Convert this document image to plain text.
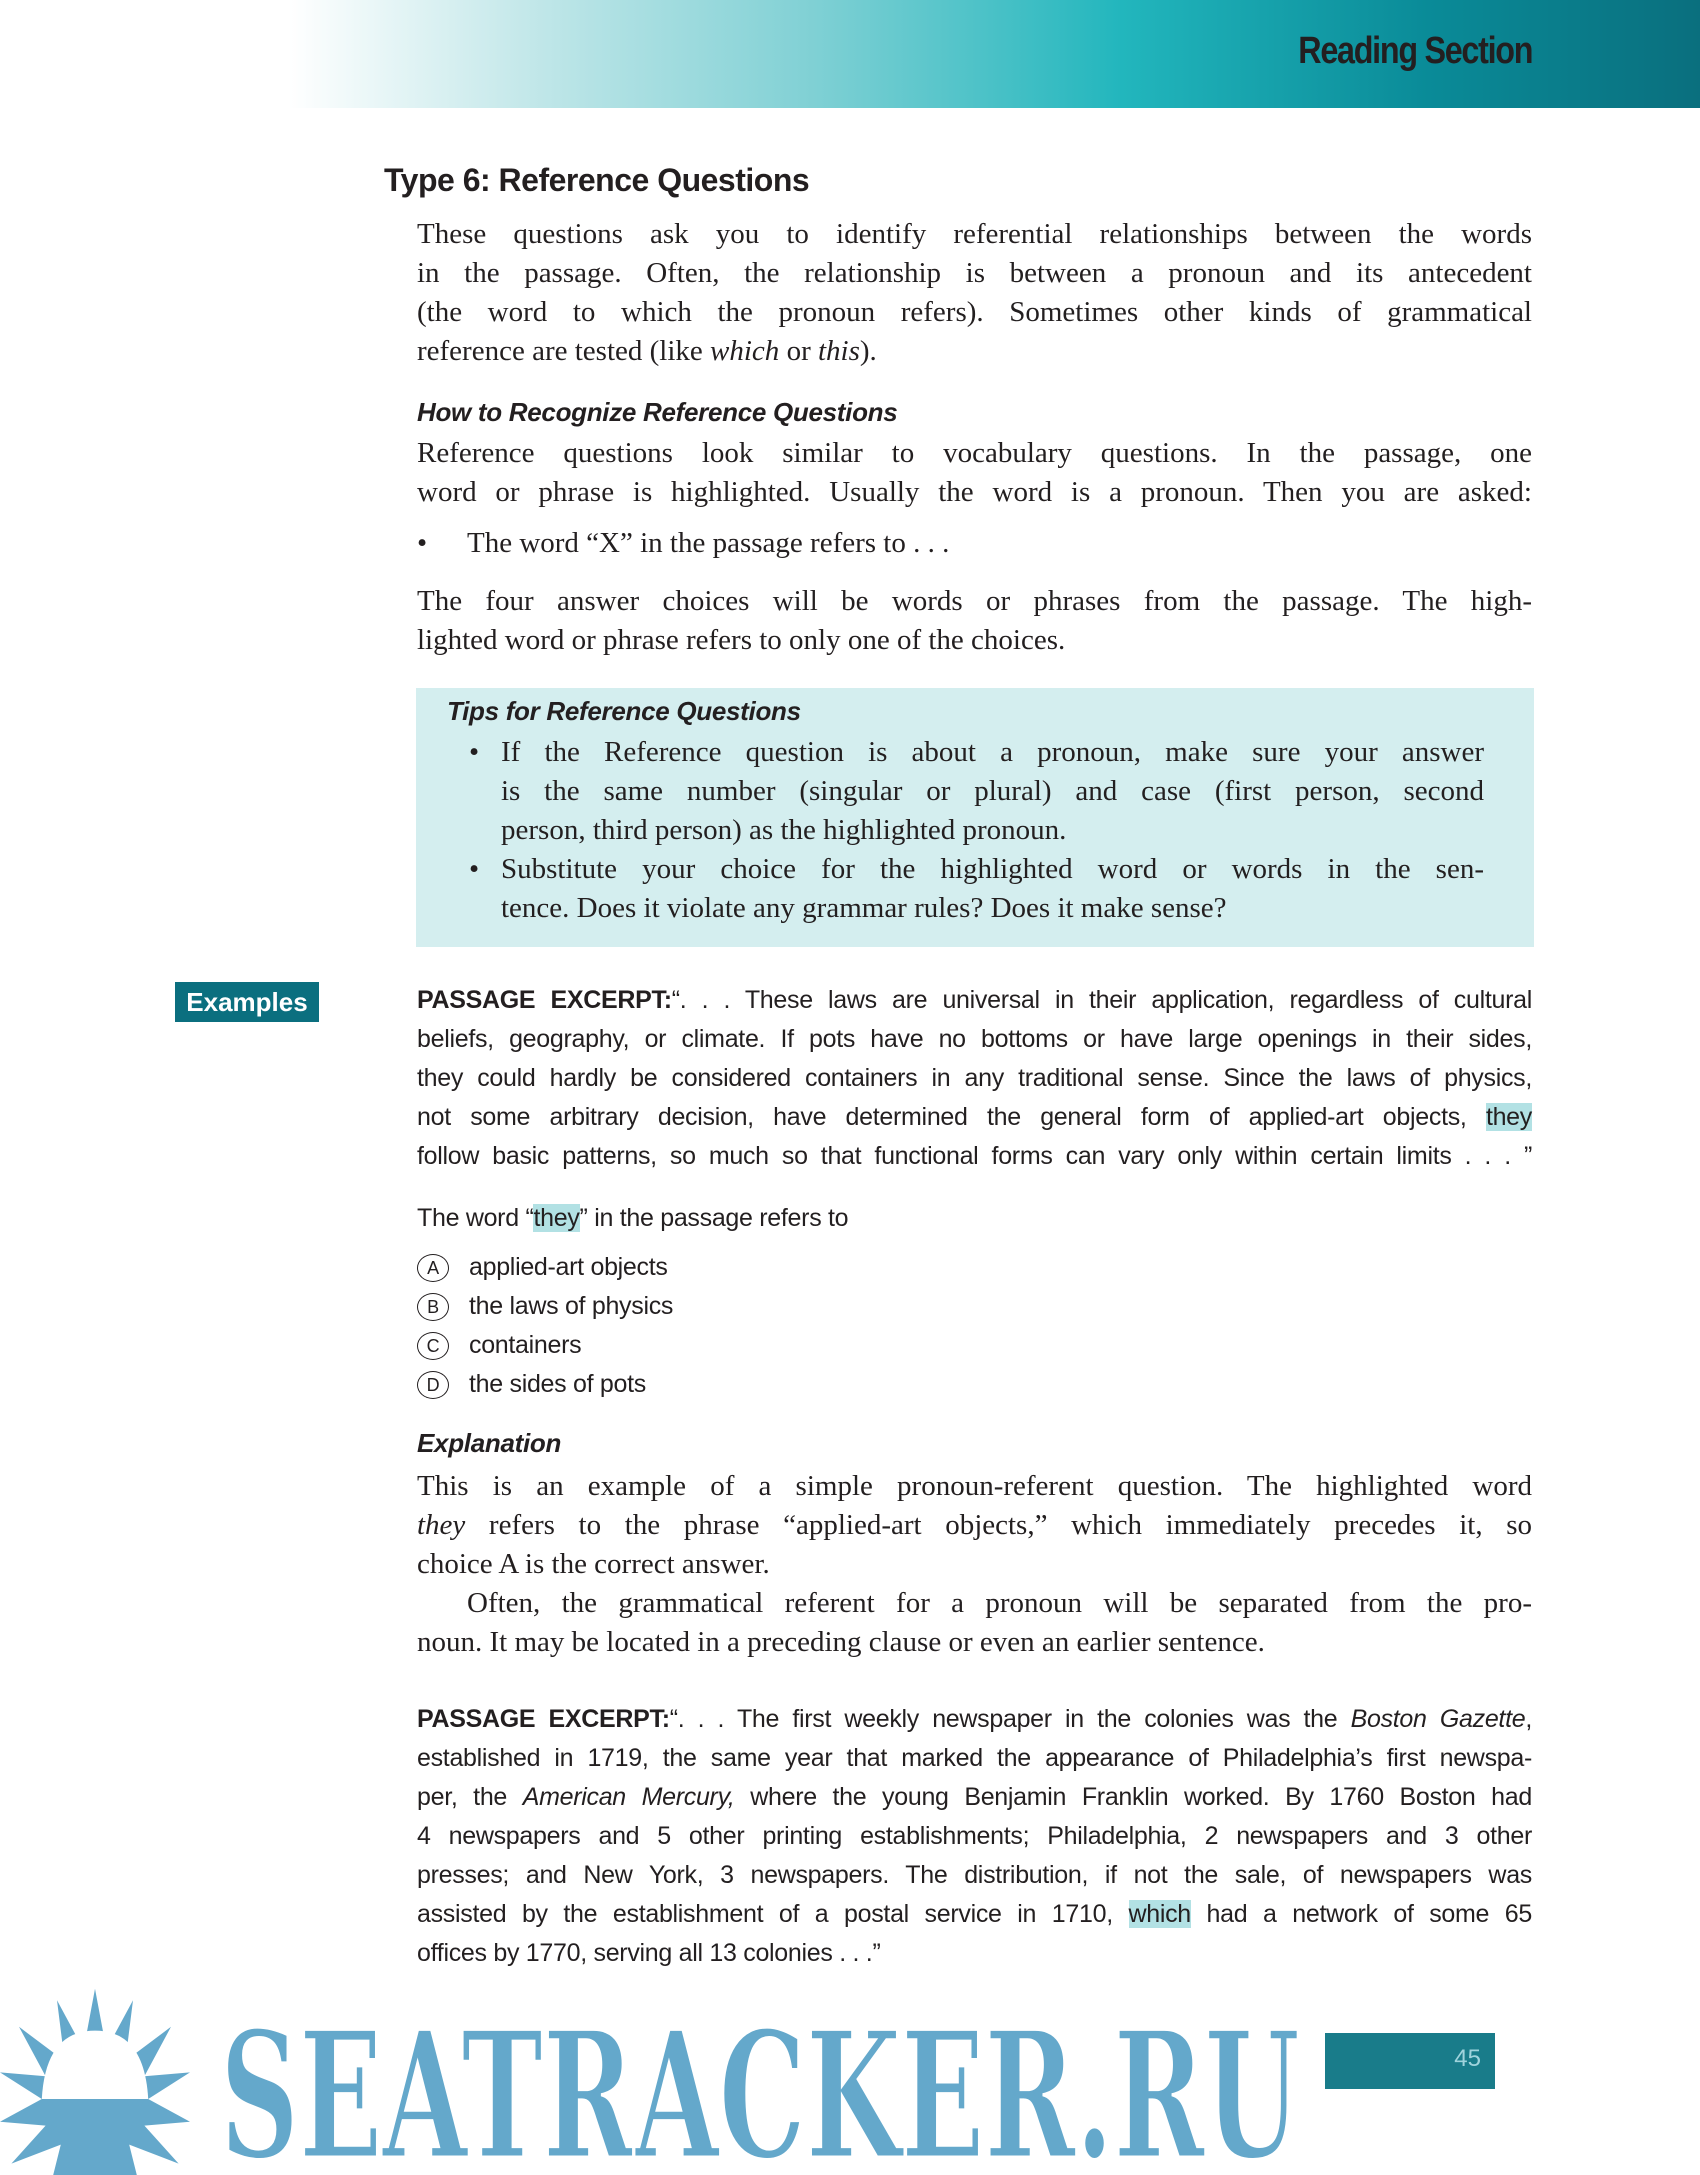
Reading Section
Type 6: Reference Questions
These questions ask you to identify referential relationships between the words
in the passage. Often, the relationship is between a pronoun and its antecedent
(the word to which the pronoun refers). Sometimes other kinds of grammatical
reference are tested (like which or this).
How to Recognize Reference Questions
Reference questions look similar to vocabulary questions. In the passage, one
word or phrase is highlighted. Usually the word is a pronoun. Then you are asked:
• The word “X” in the passage refers to . . .
The four answer choices will be words or phrases from the passage. The high-
lighted word or phrase refers to only one of the choices.
Tips for Reference Questions
• If the Reference question is about a pronoun, make sure your answer
is the same number (singular or plural) and case (first person, second
person, third person) as the highlighted pronoun.
• Substitute your choice for the highlighted word or words in the sen-
tence. Does it violate any grammar rules? Does it make sense?
Examples	PASSAGE EXCERPT:“. . . These laws are universal in their application, regardless of cultural
beliefs, geography, or climate. If pots have no bottoms or have large openings in their sides,
they could hardly be considered containers in any traditional sense. Since the laws of physics,
not some arbitrary decision, have determined the general form of applied-art objects, they
follow basic patterns, so much so that functional forms can vary only within certain limits . . . ”
The word “they” in the passage refers to
A	applied-art objects
B	the laws of physics
C	containers
D	the sides of pots
Explanation
This is an example of a simple pronoun-referent question. The highlighted word
they refers to the phrase “applied-art objects,” which immediately precedes it, so
choice A is the correct answer.
Often, the grammatical referent for a pronoun will be separated from the pro-
noun. It may be located in a preceding clause or even an earlier sentence.
PASSAGE EXCERPT:“. . . The first weekly newspaper in the colonies was the Boston Gazette,
established in 1719, the same year that marked the appearance of Philadelphia’s first newspa-
per, the American Mercury, where the young Benjamin Franklin worked. By 1760 Boston had
4 newspapers and 5 other printing establishments; Philadelphia, 2 newspapers and 3 other
presses; and New York, 3 newspapers. The distribution, if not the sale, of newspapers was
assisted by the establishment of a postal service in 1710, which had a network of some 65
offices by 1770, serving all 13 colonies . . .”
SEATRACKER.RU	45
